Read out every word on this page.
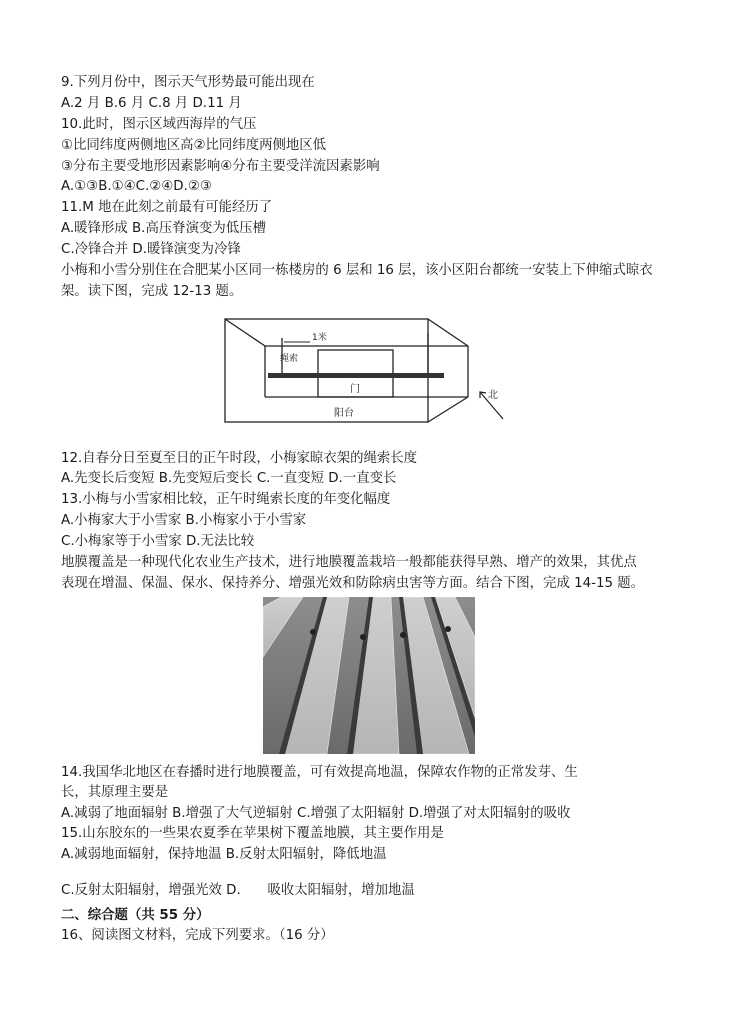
9.下列月份中，图示天气形势最可能出现在
A.2 月 B.6 月 C.8 月 D.11 月
10.此时，图示区域西海岸的气压
①比同纬度两侧地区高②比同纬度两侧地区低
③分布主要受地形因素影响④分布主要受洋流因素影响
A.①③B.①④C.②④D.②③
11.M 地在此刻之前最有可能经历了
A.暖锋形成 B.高压脊演变为低压槽
C.冷锋合并 D.暖锋演变为冷锋
小梅和小雪分别住在合肥某小区同一栋楼房的 6 层和 16 层，该小区阳台都统一安装上下伸缩式晾衣
架。读下图，完成 12-13 题。
1米
绳索
门
阳台
北
12.自春分日至夏至日的正午时段，小梅家晾衣架的绳索长度
A.先变长后变短 B.先变短后变长 C.一直变短 D.一直变长
13.小梅与小雪家相比较，正午时绳索长度的年变化幅度
A.小梅家大于小雪家 B.小梅家小于小雪家
C.小梅家等于小雪家 D.无法比较
地膜覆盖是一种现代化农业生产技术，进行地膜覆盖栽培一般都能获得早熟、增产的效果，其优点
表现在增温、保温、保水、保持养分、增强光效和防除病虫害等方面。结合下图，完成 14-15 题。
14.我国华北地区在春播时进行地膜覆盖，可有效提高地温，保障农作物的正常发芽、生
长，其原理主要是
A.减弱了地面辐射 B.增强了大气逆辐射 C.增强了太阳辐射 D.增强了对太阳辐射的吸收
15.山东胶东的一些果农夏季在苹果树下覆盖地膜，其主要作用是
A.减弱地面辐射，保持地温 B.反射太阳辐射，降低地温
C.反射太阳辐射，增强光效 D.　　吸收太阳辐射，增加地温
二、综合题（共 55 分）
16、阅读图文材料，完成下列要求。（16 分）
